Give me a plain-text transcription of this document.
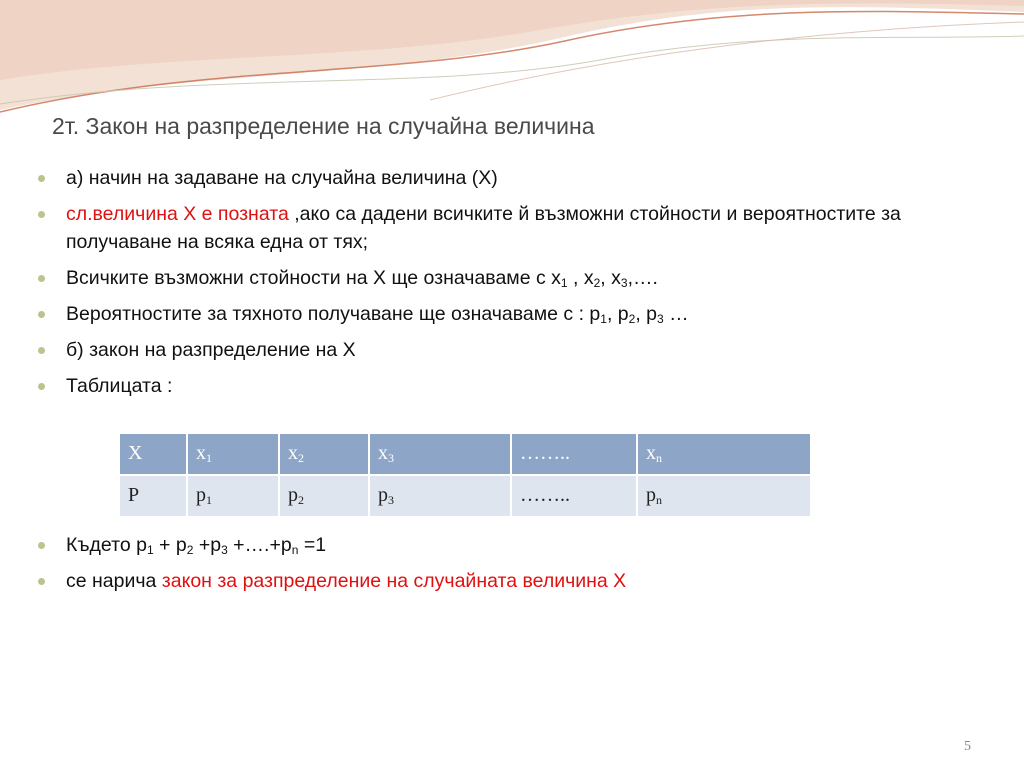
2т. Закон на разпределение на случайна величина
а) начин на задаване на случайна величина (X)
сл.величина X е позната ,ако са дадени всичките й възможни стойности и вероятностите за получаване на всяка една от тях;
Всичките възможни стойности на X ще означаваме с $x_1$ , $x_2$, $x_3,\dots$.
Вероятностите за тяхното получаване ще означаваме с : $p_1$, $p_2$, $p_3$ …
б) закон на разпределение на X
Таблицата :
X	x1	x2	x3	……..	xn
P	p1	p2	p3	……..	pn
Където $p_1 + p_2 +p_3$ $+\dots.+p_n =1$
се нарича закон за разпределение на случайната величина X
5
